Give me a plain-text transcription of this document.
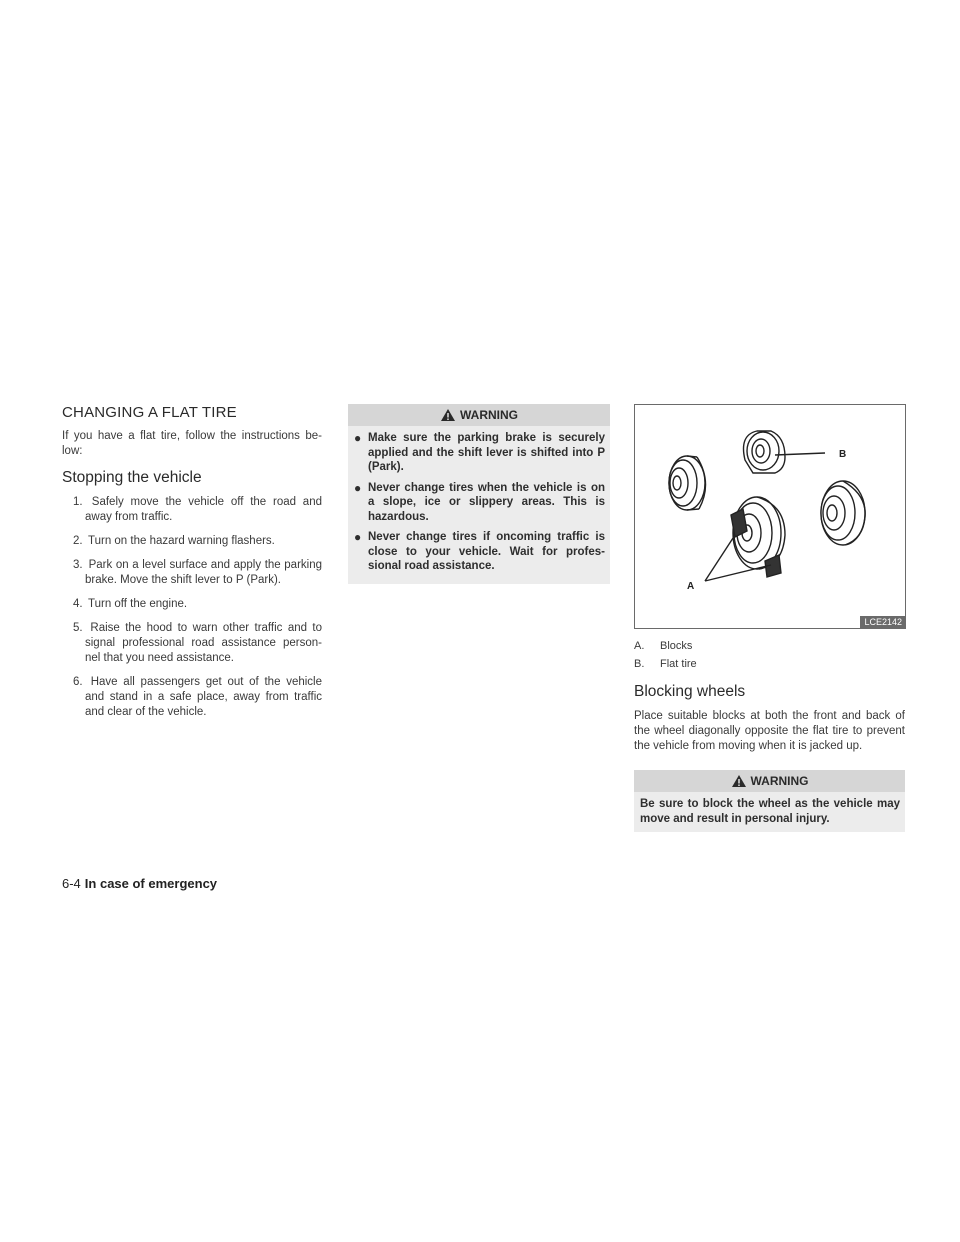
CHANGING A FLAT TIRE

If you have a flat tire, follow the instructions be- low:

Stopping the vehicle
1. Safely move the vehicle off the road and away from traffic.
2. Turn on the hazard warning flashers.
3. Park on a level surface and apply the parking brake. Move the shift lever to P (Park).
4. Turn off the engine.
5. Raise the hood to warn other traffic and to signal professional road assistance person- nel that you need assistance.
6. Have all passengers get out of the vehicle and stand in a safe place, away from traffic and clear of the vehicle.
WARNING
● Make sure the parking brake is securely applied and the shift lever is shifted into P (Park).
● Never change tires when the vehicle is on a slope, ice or slippery areas. This is hazardous.
● Never change tires if oncoming traffic is close to your vehicle. Wait for profes- sional road assistance.
B
A
LCE2142
A. Blocks
B. Flat tire
Blocking wheels

Place suitable blocks at both the front and back of the wheel diagonally opposite the flat tire to prevent the vehicle from moving when it is jacked up.

WARNING
Be sure to block the wheel as the vehicle may move and result in personal injury.
6-4 In case of emergency
